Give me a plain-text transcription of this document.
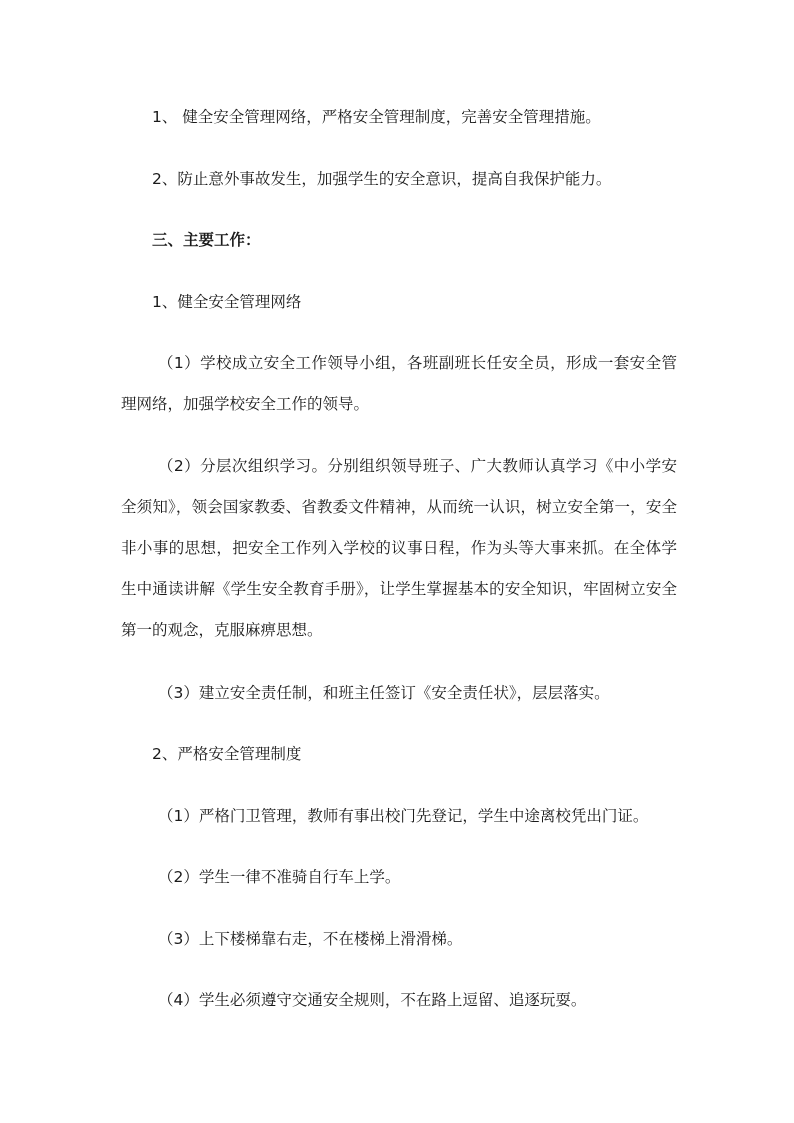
1、 健全安全管理网络，严格安全管理制度，完善安全管理措施。
2、防止意外事故发生，加强学生的安全意识，提高自我保护能力。
三、主要工作：
1、健全安全管理网络
（1）学校成立安全工作领导小组，各班副班长任安全员，形成一套安全管理网络，加强学校安全工作的领导。
（2）分层次组织学习。分别组织领导班子、广大教师认真学习《中小学安全须知》，领会国家教委、省教委文件精神，从而统一认识，树立安全第一，安全非小事的思想，把安全工作列入学校的议事日程，作为头等大事来抓。在全体学生中通读讲解《学生安全教育手册》，让学生掌握基本的安全知识，牢固树立安全第一的观念，克服麻痹思想。
（3）建立安全责任制，和班主任签订《安全责任状》，层层落实。
2、严格安全管理制度
（1）严格门卫管理，教师有事出校门先登记，学生中途离校凭出门证。
（2）学生一律不准骑自行车上学。
（3）上下楼梯靠右走，不在楼梯上滑滑梯。
（4）学生必须遵守交通安全规则，不在路上逗留、追逐玩耍。
